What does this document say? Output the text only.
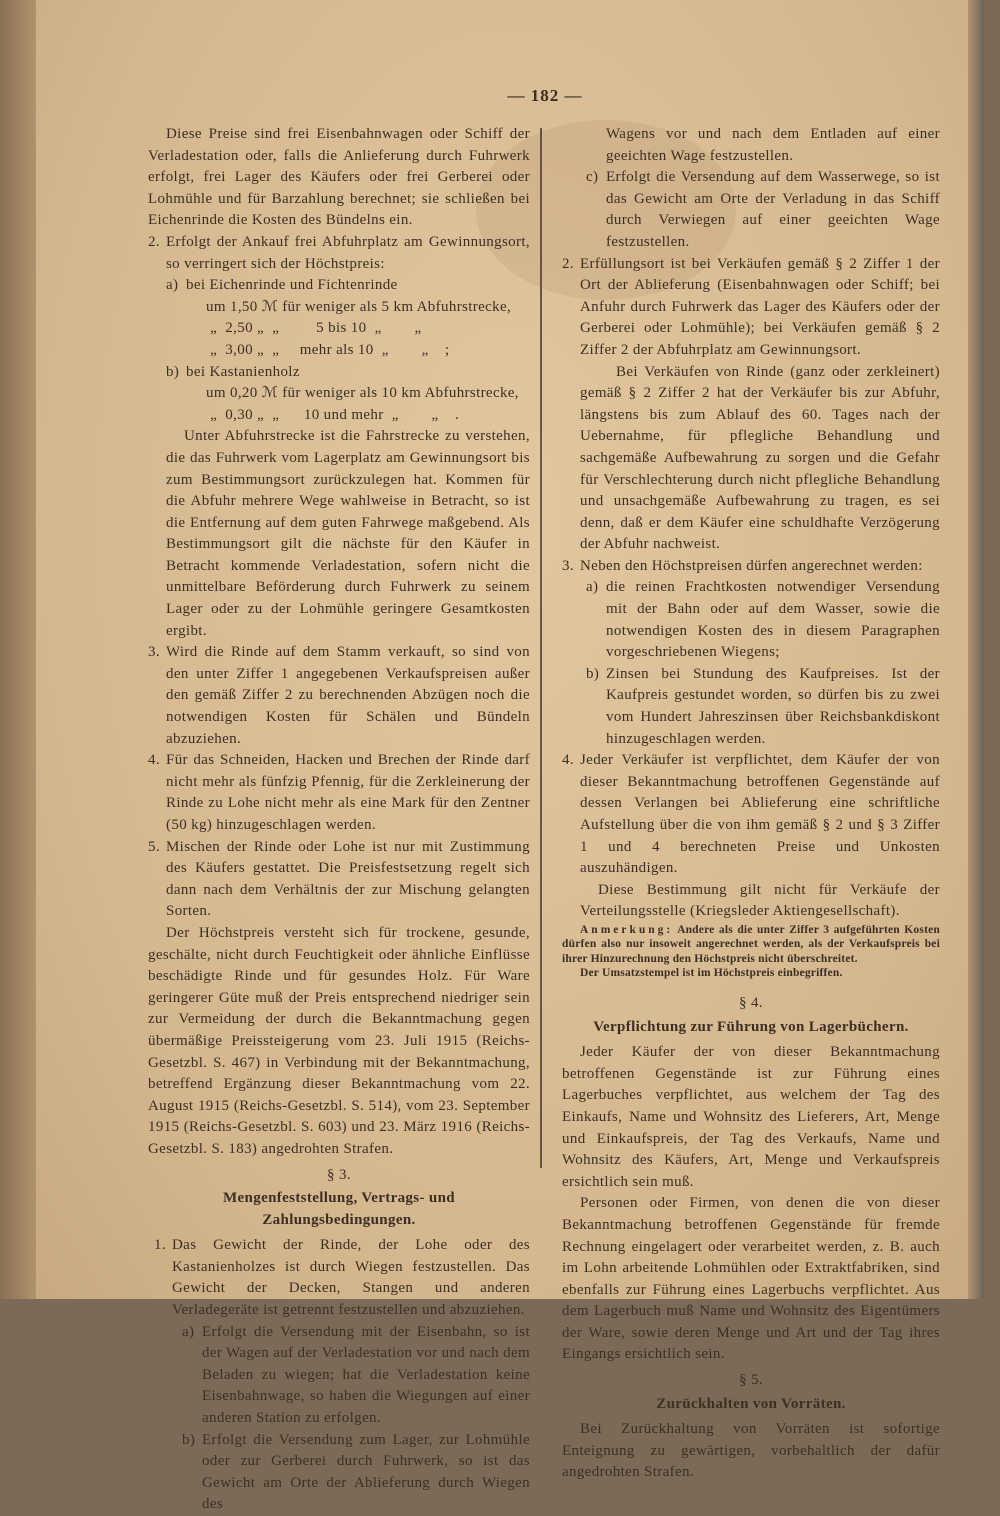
— 182 —

Diese Preise sind frei Eisenbahnwagen oder Schiff der Verladestation oder, falls die Anlieferung durch Fuhrwerk erfolgt, frei Lager des Käufers oder frei Gerberei oder Lohmühle und für Barzahlung berechnet; sie schließen bei Eichenrinde die Kosten des Bündelns ein.

2. Erfolgt der Ankauf frei Abfuhrplatz am Gewinnungsort, so verringert sich der Höchstpreis:
a) bei Eichenrinde und Fichtenrinde
um 1,50 ℳ für weniger als 5 km Abfuhrstrecke,
„  2,50 „  „         5 bis 10  „        „
„  3,00 „  „     mehr als 10  „        „    ;
b) bei Kastanienholz
um 0,20 ℳ für weniger als 10 km Abfuhrstrecke,
„  0,30 „  „      10 und mehr  „        „    .

Unter Abfuhrstrecke ist die Fahrstrecke zu verstehen, die das Fuhrwerk vom Lagerplatz am Gewinnungsort bis zum Bestimmungsort zurückzulegen hat. Kommen für die Abfuhr mehrere Wege wahlweise in Betracht, so ist die Entfernung auf dem guten Fahrwege maßgebend. Als Bestimmungsort gilt die nächste für den Käufer in Betracht kommende Verladestation, sofern nicht die unmittelbare Beförderung durch Fuhrwerk zu seinem Lager oder zu der Lohmühle geringere Gesamtkosten ergibt.

3. Wird die Rinde auf dem Stamm verkauft, so sind von den unter Ziffer 1 angegebenen Verkaufspreisen außer den gemäß Ziffer 2 zu berechnenden Abzügen noch die notwendigen Kosten für Schälen und Bündeln abzuziehen.
4. Für das Schneiden, Hacken und Brechen der Rinde darf nicht mehr als fünfzig Pfennig, für die Zerkleinerung der Rinde zu Lohe nicht mehr als eine Mark für den Zentner (50 kg) hinzugeschlagen werden.
5. Mischen der Rinde oder Lohe ist nur mit Zustimmung des Käufers gestattet. Die Preisfestsetzung regelt sich dann nach dem Verhältnis der zur Mischung gelangten Sorten.

Der Höchstpreis versteht sich für trockene, gesunde, geschälte, nicht durch Feuchtigkeit oder ähnliche Einflüsse beschädigte Rinde und für gesundes Holz. Für Ware geringerer Güte muß der Preis entsprechend niedriger sein zur Vermeidung der durch die Bekanntmachung gegen übermäßige Preissteigerung vom 23. Juli 1915 (Reichs-Gesetzbl. S. 467) in Verbindung mit der Bekanntmachung, betreffend Ergänzung dieser Bekanntmachung vom 22. August 1915 (Reichs-Gesetzbl. S. 514), vom 23. September 1915 (Reichs-Gesetzbl. S. 603) und 23. März 1916 (Reichs-Gesetzbl. S. 183) angedrohten Strafen.

§ 3.
Mengenfeststellung, Vertrags- und Zahlungsbedingungen.
1. Das Gewicht der Rinde, der Lohe oder des Kastanienholzes ist durch Wiegen festzustellen. Das Gewicht der Decken, Stangen und anderen Verladegeräte ist getrennt festzustellen und abzuziehen.
a) Erfolgt die Versendung mit der Eisenbahn, so ist der Wagen auf der Verladestation vor und nach dem Beladen zu wiegen; hat die Verladestation keine Eisenbahnwage, so haben die Wiegungen auf einer anderen Station zu erfolgen.
b) Erfolgt die Versendung zum Lager, zur Lohmühle oder zur Gerberei durch Fuhrwerk, so ist das Gewicht am Orte der Ablieferung durch Wiegen des

Wagens vor und nach dem Entladen auf einer geeichten Wage festzustellen.

c) Erfolgt die Versendung auf dem Wasserwege, so ist das Gewicht am Orte der Verladung in das Schiff durch Verwiegen auf einer geeichten Wage festzustellen.
2. Erfüllungsort ist bei Verkäufen gemäß § 2 Ziffer 1 der Ort der Ablieferung (Eisenbahnwagen oder Schiff; bei Anfuhr durch Fuhrwerk das Lager des Käufers oder der Gerberei oder Lohmühle); bei Verkäufen gemäß § 2 Ziffer 2 der Abfuhrplatz am Gewinnungsort.

Bei Verkäufen von Rinde (ganz oder zerkleinert) gemäß § 2 Ziffer 2 hat der Verkäufer bis zur Abfuhr, längstens bis zum Ablauf des 60. Tages nach der Uebernahme, für pflegliche Behandlung und sachgemäße Aufbewahrung zu sorgen und die Gefahr für Verschlechterung durch nicht pflegliche Behandlung und unsachgemäße Aufbewahrung zu tragen, es sei denn, daß er dem Käufer eine schuldhafte Verzögerung der Abfuhr nachweist.

3. Neben den Höchstpreisen dürfen angerechnet werden:
a) die reinen Frachtkosten notwendiger Versendung mit der Bahn oder auf dem Wasser, sowie die notwendigen Kosten des in diesem Paragraphen vorgeschriebenen Wiegens;
b) Zinsen bei Stundung des Kaufpreises. Ist der Kaufpreis gestundet worden, so dürfen bis zu zwei vom Hundert Jahreszinsen über Reichsbankdiskont hinzugeschlagen werden.
4. Jeder Verkäufer ist verpflichtet, dem Käufer der von dieser Bekanntmachung betroffenen Gegenstände auf dessen Verlangen bei Ablieferung eine schriftliche Aufstellung über die von ihm gemäß § 2 und § 3 Ziffer 1 und 4 berechneten Preise und Unkosten auszuhändigen.

Diese Bestimmung gilt nicht für Verkäufe der Verteilungsstelle (Kriegsleder Aktiengesellschaft).

Anmerkung: Andere als die unter Ziffer 3 aufgeführten Kosten dürfen also nur insoweit angerechnet werden, als der Verkaufspreis bei ihrer Hinzurechnung den Höchstpreis nicht überschreitet.

Der Umsatzstempel ist im Höchstpreis einbegriffen.

§ 4.
Verpflichtung zur Führung von Lagerbüchern.

Jeder Käufer der von dieser Bekanntmachung betroffenen Gegenstände ist zur Führung eines Lagerbuches verpflichtet, aus welchem der Tag des Einkaufs, Name und Wohnsitz des Lieferers, Art, Menge und Einkaufspreis, der Tag des Verkaufs, Name und Wohnsitz des Käufers, Art, Menge und Verkaufspreis ersichtlich sein muß.

Personen oder Firmen, von denen die von dieser Bekanntmachung betroffenen Gegenstände für fremde Rechnung eingelagert oder verarbeitet werden, z. B. auch im Lohn arbeitende Lohmühlen oder Extraktfabriken, sind ebenfalls zur Führung eines Lagerbuchs verpflichtet. Aus dem Lagerbuch muß Name und Wohnsitz des Eigentümers der Ware, sowie deren Menge und Art und der Tag ihres Eingangs ersichtlich sein.

§ 5.
Zurückhalten von Vorräten.

Bei Zurückhaltung von Vorräten ist sofortige Enteignung zu gewärtigen, vorbehaltlich der dafür angedrohten Strafen.
